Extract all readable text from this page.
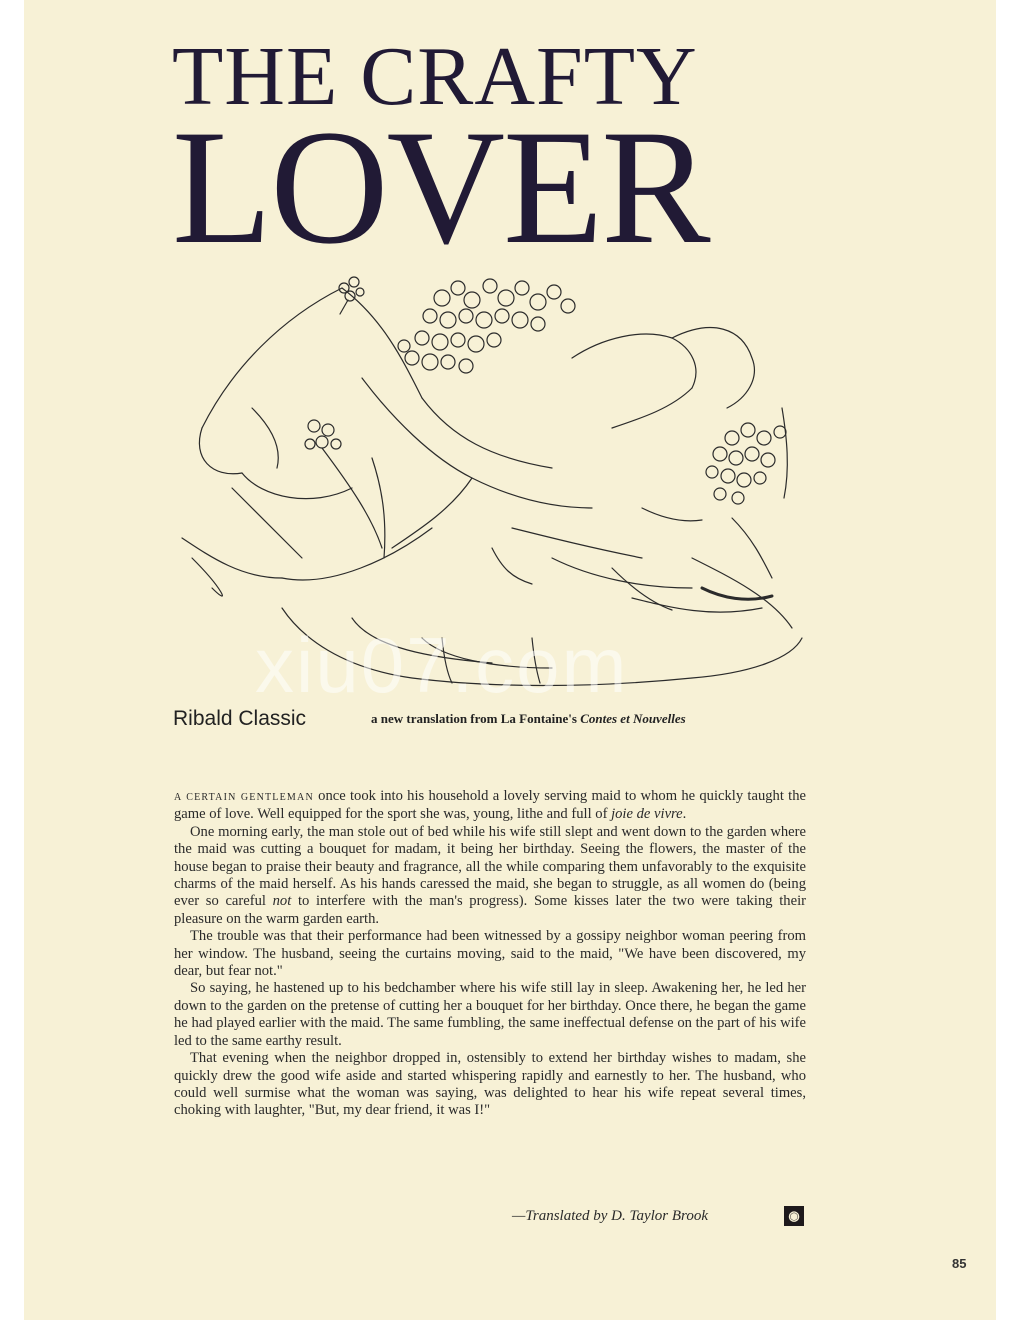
THE CRAFTY
LOVER
xiu07.com
Ribald Classic	a new translation from La Fontaine's Contes et Nouvelles

A CERTAIN GENTLEMAN once took into his household a lovely serving maid to whom he quickly taught the game of love. Well equipped for the sport she was, young, lithe and full of joie de vivre.

One morning early, the man stole out of bed while his wife still slept and went down to the garden where the maid was cutting a bouquet for madam, it being her birthday. Seeing the flowers, the master of the house began to praise their beauty and fragrance, all the while comparing them unfavorably to the exquisite charms of the maid herself. As his hands caressed the maid, she began to struggle, as all women do (being ever so careful not to interfere with the man's progress). Some kisses later the two were taking their pleasure on the warm garden earth.

The trouble was that their performance had been witnessed by a gossipy neighbor woman peering from her window. The husband, seeing the curtains moving, said to the maid, "We have been discovered, my dear, but fear not."

So saying, he hastened up to his bedchamber where his wife still lay in sleep. Awakening her, he led her down to the garden on the pretense of cutting her a bouquet for her birthday. Once there, he began the game he had played earlier with the maid. The same fumbling, the same ineffectual defense on the part of his wife led to the same earthy result.

That evening when the neighbor dropped in, ostensibly to extend her birthday wishes to madam, she quickly drew the good wife aside and started whispering rapidly and earnestly to her. The husband, who could well surmise what the woman was saying, was delighted to hear his wife repeat several times, choking with laughter, "But, my dear friend, it was I!"

—Translated by D. Taylor Brook	◉
85
